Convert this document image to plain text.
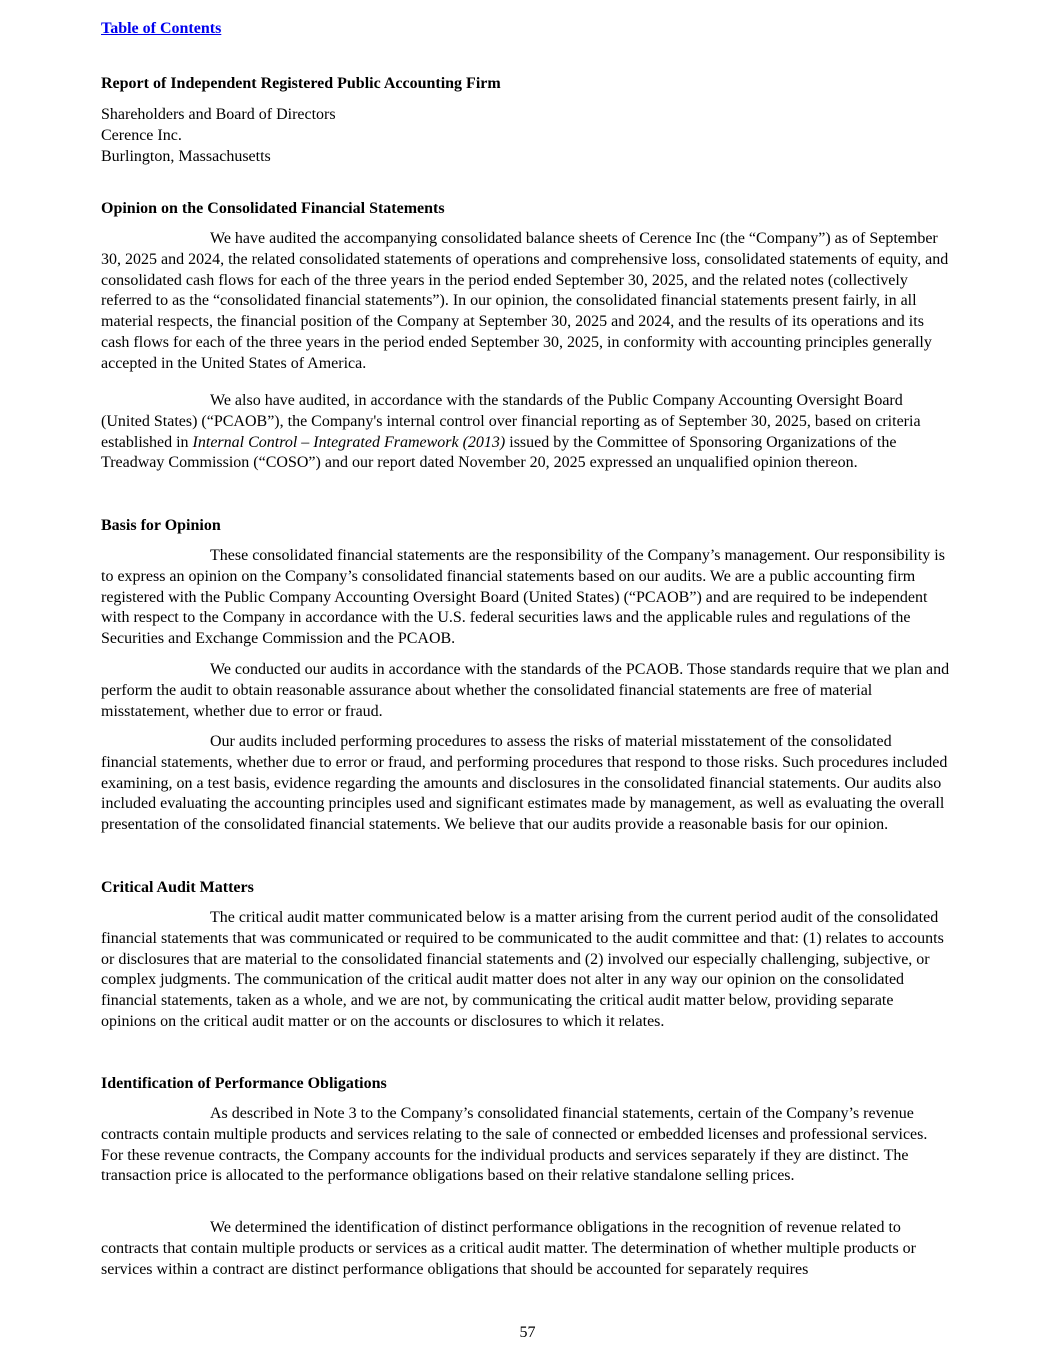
Table of Contents
Report of Independent Registered Public Accounting Firm
Shareholders and Board of Directors
Cerence Inc.
Burlington, Massachusetts
Opinion on the Consolidated Financial Statements

We have audited the accompanying consolidated balance sheets of Cerence Inc (the “Company”) as of September 30, 2025 and 2024, the related consolidated statements of operations and comprehensive loss, consolidated statements of equity, and consolidated cash flows for each of the three years in the period ended September 30, 2025, and the related notes (collectively referred to as the “consolidated financial statements”). In our opinion, the consolidated financial statements present fairly, in all material respects, the financial position of the Company at September 30, 2025 and 2024, and the results of its operations and its cash flows for each of the three years in the period ended September 30, 2025, in conformity with accounting principles generally accepted in the United States of America.

We also have audited, in accordance with the standards of the Public Company Accounting Oversight Board (United States) (“PCAOB”), the Company's internal control over financial reporting as of September 30, 2025, based on criteria established in Internal Control – Integrated Framework (2013) issued by the Committee of Sponsoring Organizations of the Treadway Commission (“COSO”) and our report dated November 20, 2025 expressed an unqualified opinion thereon.

Basis for Opinion

These consolidated financial statements are the responsibility of the Company’s management. Our responsibility is to express an opinion on the Company’s consolidated financial statements based on our audits. We are a public accounting firm registered with the Public Company Accounting Oversight Board (United States) (“PCAOB”) and are required to be independent with respect to the Company in accordance with the U.S. federal securities laws and the applicable rules and regulations of the Securities and Exchange Commission and the PCAOB.

We conducted our audits in accordance with the standards of the PCAOB. Those standards require that we plan and perform the audit to obtain reasonable assurance about whether the consolidated financial statements are free of material misstatement, whether due to error or fraud.

Our audits included performing procedures to assess the risks of material misstatement of the consolidated financial statements, whether due to error or fraud, and performing procedures that respond to those risks. Such procedures included examining, on a test basis, evidence regarding the amounts and disclosures in the consolidated financial statements. Our audits also included evaluating the accounting principles used and significant estimates made by management, as well as evaluating the overall presentation of the consolidated financial statements. We believe that our audits provide a reasonable basis for our opinion.

Critical Audit Matters

The critical audit matter communicated below is a matter arising from the current period audit of the consolidated financial statements that was communicated or required to be communicated to the audit committee and that: (1) relates to accounts or disclosures that are material to the consolidated financial statements and (2) involved our especially challenging, subjective, or complex judgments. The communication of the critical audit matter does not alter in any way our opinion on the consolidated financial statements, taken as a whole, and we are not, by communicating the critical audit matter below, providing separate opinions on the critical audit matter or on the accounts or disclosures to which it relates.

Identification of Performance Obligations

As described in Note 3 to the Company’s consolidated financial statements, certain of the Company’s revenue contracts contain multiple products and services relating to the sale of connected or embedded licenses and professional services. For these revenue contracts, the Company accounts for the individual products and services separately if they are distinct. The transaction price is allocated to the performance obligations based on their relative standalone selling prices.

We determined the identification of distinct performance obligations in the recognition of revenue related to contracts that contain multiple products or services as a critical audit matter. The determination of whether multiple products or services within a contract are distinct performance obligations that should be accounted for separately requires

57
